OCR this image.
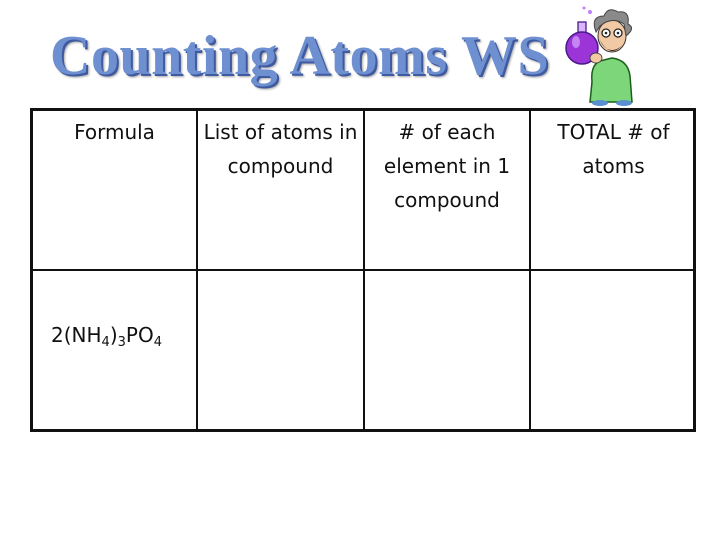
Counting Atoms WS
Formula	List of atoms in compound
# of each element in 1 compound
TOTAL # of atoms
$2(NH_4)_3PO_4$
